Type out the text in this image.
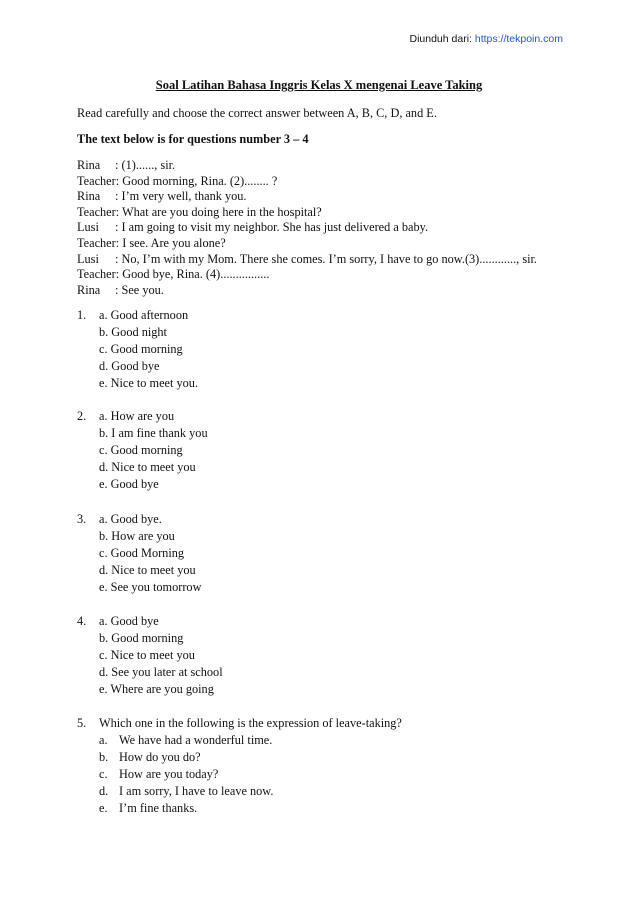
Diunduh dari: https://tekpoin.com
Soal Latihan Bahasa Inggris Kelas X mengenai Leave Taking
Read carefully and choose the correct answer between A, B, C, D, and E.
The text below is for questions number 3 – 4
Rina : (1)......, sir.
Teacher: Good morning, Rina. (2)........ ?
Rina : I’m very well, thank you.
Teacher: What are you doing here in the hospital?
Lusi : I am going to visit my neighbor. She has just delivered a baby.
Teacher: I see. Are you alone?
Lusi : No, I’m with my Mom. There she comes. I’m sorry, I have to go now.(3)............, sir.
Teacher: Good bye, Rina. (4)................
Rina : See you.
1. a. Good afternoon
b. Good night
c. Good morning
d. Good bye
e. Nice to meet you.
2. a. How are you
b. I am fine thank you
c. Good morning
d. Nice to meet you
e. Good bye
3. a. Good bye.
b. How are you
c. Good Morning
d. Nice to meet you
e. See you tomorrow
4. a. Good bye
b. Good morning
c. Nice to meet you
d. See you later at school
e. Where are you going
5. Which one in the following is the expression of leave-taking?
a. We have had a wonderful time.
b. How do you do?
c. How are you today?
d. I am sorry, I have to leave now.
e. I’m fine thanks.
